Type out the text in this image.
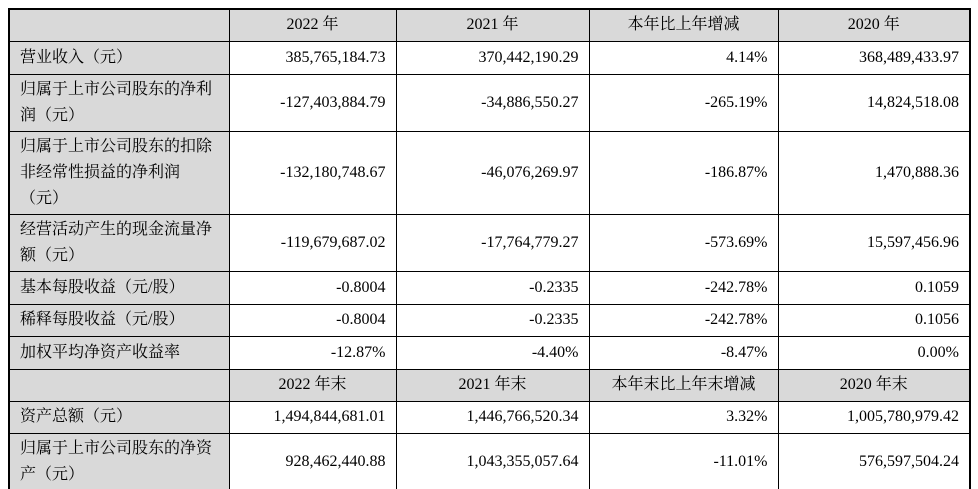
	2022 年	2021 年	本年比上年增减	2020 年
营业收入（元）	385,765,184.73	370,442,190.29	4.14%	368,489,433.97
归属于上市公司股东的净利润（元）	-127,403,884.79	-34,886,550.27	-265.19%	14,824,518.08
归属于上市公司股东的扣除非经常性损益的净利润（元）	-132,180,748.67	-46,076,269.97	-186.87%	1,470,888.36
经营活动产生的现金流量净额（元）	-119,679,687.02	-17,764,779.27	-573.69%	15,597,456.96
基本每股收益（元/股）	-0.8004	-0.2335	-242.78%	0.1059
稀释每股收益（元/股）	-0.8004	-0.2335	-242.78%	0.1056
加权平均净资产收益率	-12.87%	-4.40%	-8.47%	0.00%
	2022 年末	2021 年末	本年末比上年末增减	2020 年末
资产总额（元）	1,494,844,681.01	1,446,766,520.34	3.32%	1,005,780,979.42
归属于上市公司股东的净资产（元）	928,462,440.88	1,043,355,057.64	-11.01%	576,597,504.24
